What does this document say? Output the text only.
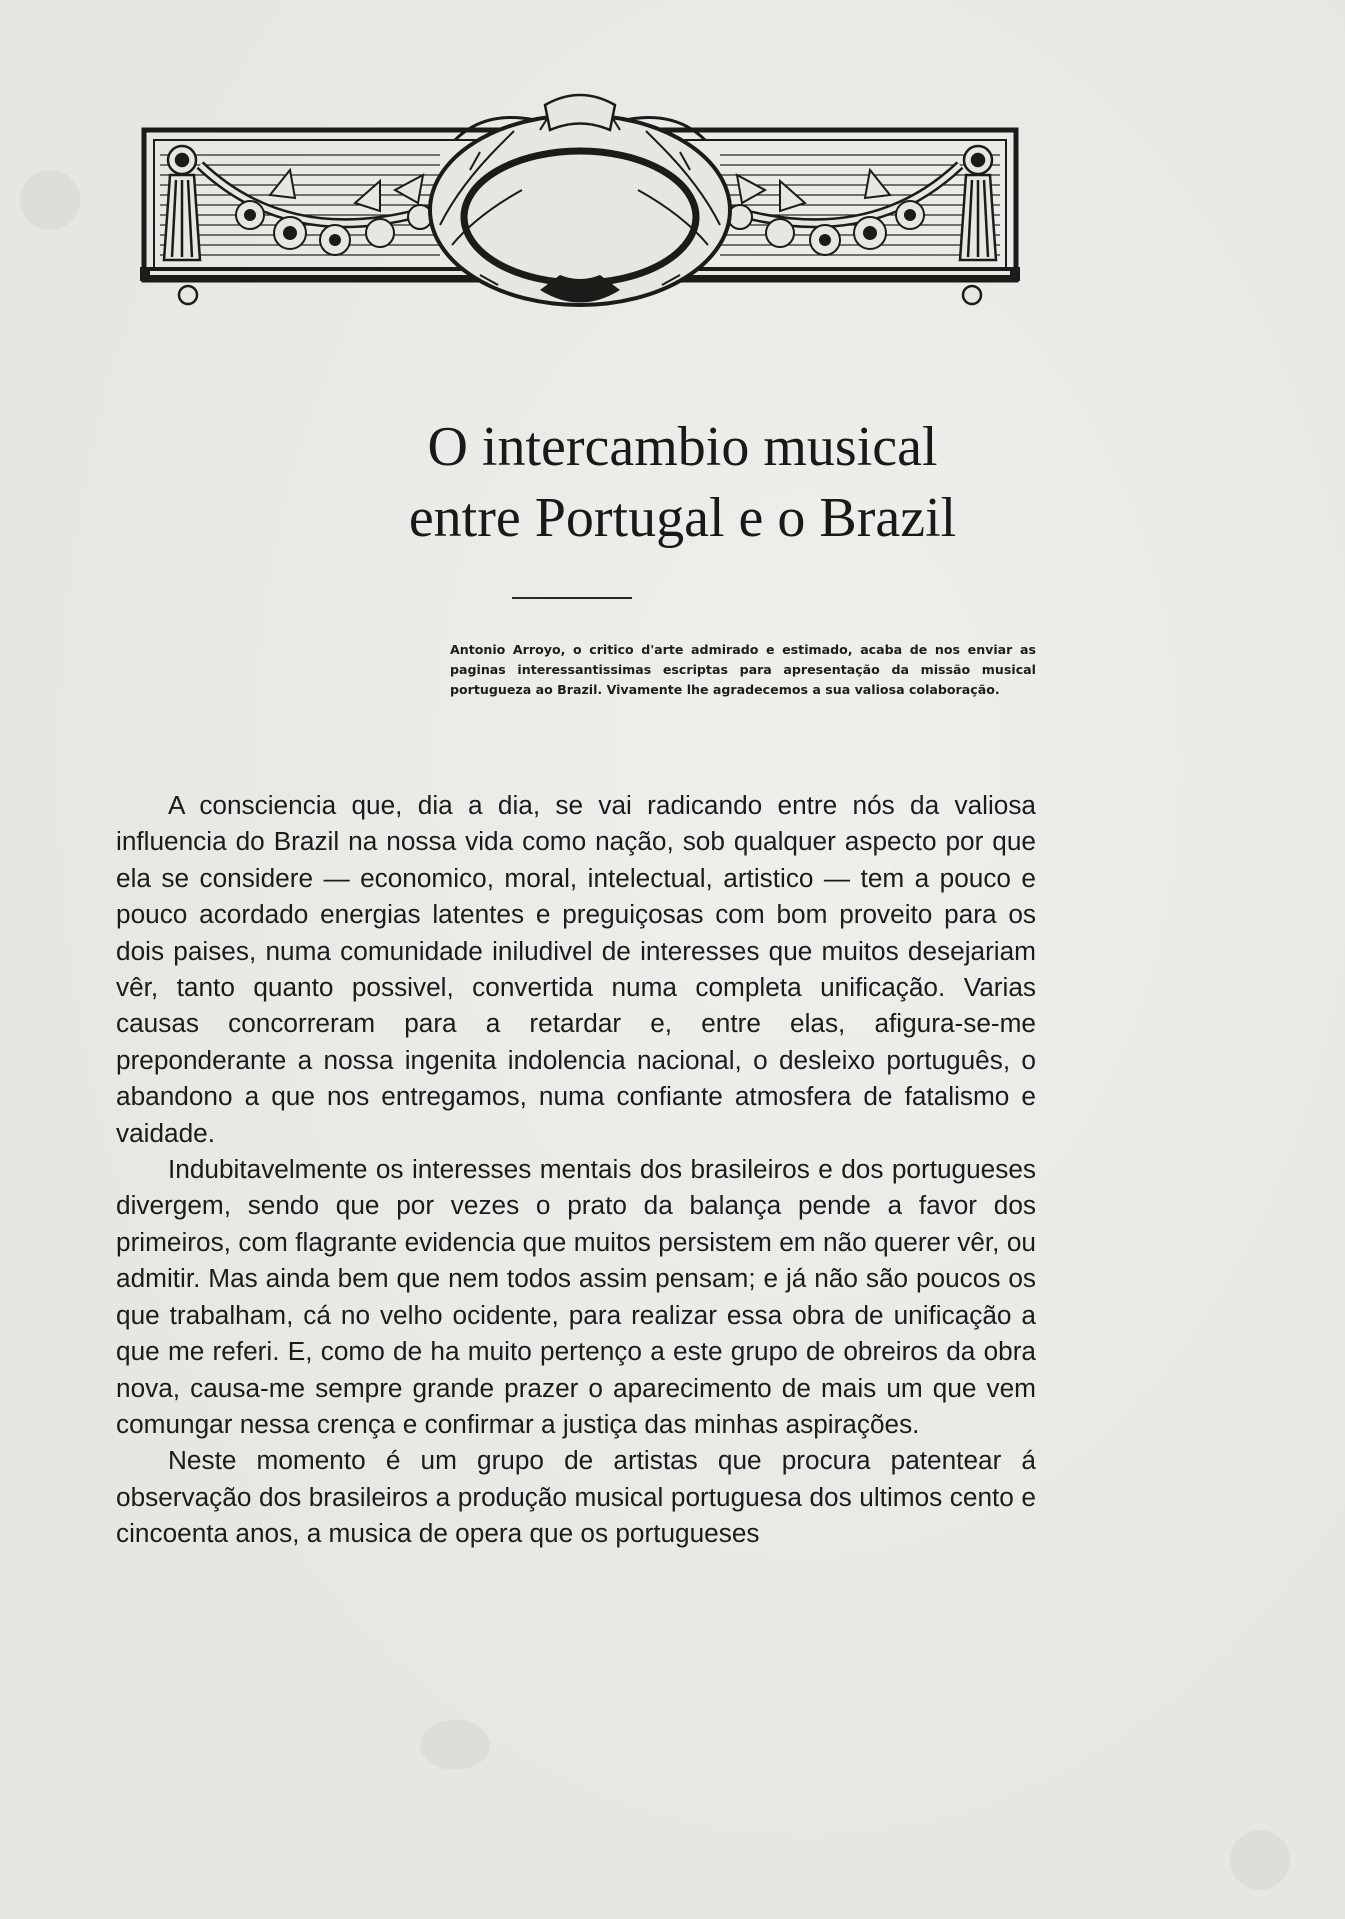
O intercambio musical
entre Portugal e o Brazil

Antonio Arroyo, o critico d'arte admirado e estimado, acaba de nos enviar as paginas interessantissimas escriptas para apresentação da missão musical portugueza ao Brazil. Vivamente lhe agradecemos a sua valiosa colaboração.

A consciencia que, dia a dia, se vai radicando entre nós da valiosa influencia do Brazil na nossa vida como nação, sob qualquer aspecto por que ela se considere — economico, moral, intelectual, artistico — tem a pouco e pouco acordado energias latentes e preguiçosas com bom proveito para os dois paises, numa comunidade iniludivel de interesses que muitos desejariam vêr, tanto quanto possivel, convertida numa completa unificação. Varias causas concorreram para a retardar e, entre elas, afigura-se-me preponderante a nossa ingenita indolencia nacional, o desleixo português, o abandono a que nos entregamos, numa confiante atmosfera de fatalismo e vaidade.

Indubitavelmente os interesses mentais dos brasileiros e dos portugueses divergem, sendo que por vezes o prato da balança pende a favor dos primeiros, com flagrante evidencia que muitos persistem em não querer vêr, ou admitir. Mas ainda bem que nem todos assim pensam; e já não são poucos os que trabalham, cá no velho ocidente, para realizar essa obra de unificação a que me referi. E, como de ha muito pertenço a este grupo de obreiros da obra nova, causa-me sempre grande prazer o aparecimento de mais um que vem comungar nessa crença e confirmar a justiça das minhas aspirações.

Neste momento é um grupo de artistas que procura patentear á observação dos brasileiros a produção musical portuguesa dos ultimos cento e cincoenta anos, a musica de opera que os portugueses
